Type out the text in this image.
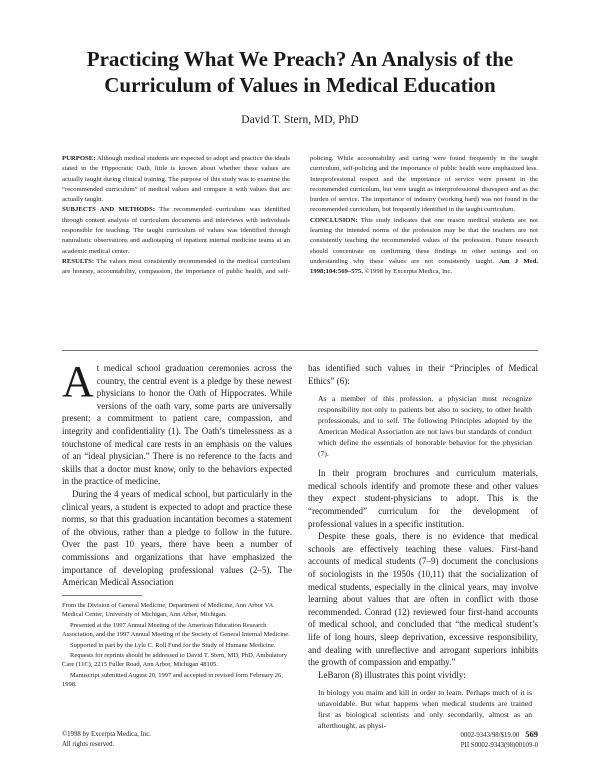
Practicing What We Preach? An Analysis of the Curriculum of Values in Medical Education

David T. Stern, MD, PhD

PURPOSE: Although medical students are expected to adopt and practice the ideals stated in the Hippocratic Oath, little is known about whether these values are actually taught during clinical training. The purpose of this study was to examine the “recommended curriculum” of medical values and compare it with values that are actually taught.

SUBJECTS AND METHODS: The recommended curriculum was identified through content analysis of curriculum documents and interviews with individuals responsible for teaching. The taught curriculum of values was identified through naturalistic observations and audiotaping of inpatient internal medicine teams at an academic medical center.

RESULTS: The values most consistently recommended in the medical curriculum are honesty, accountability, compassion, the importance of public health, and self-policing. While accountability and caring were found frequently in the taught curriculum, self-policing and the importance of public health were emphasized less. Interprofessional respect and the importance of service were present in the recommended curriculum, but were taught as interprofessional disrespect and as the burden of service. The importance of industry (working hard) was not found in the recommended curriculum, but frequently identified in the taught curriculum.

CONCLUSION: This study indicates that one reason medical students are not learning the intended norms of the profession may be that the teachers are not consistently teaching the recommended values of the profession. Future research should concentrate on confirming these findings in other settings and on understanding why these values are not consistently taught. Am J Med. 1998;104:569–575. ©1998 by Excerpta Medica, Inc.

At medical school graduation ceremonies across the country, the central event is a pledge by these newest physicians to honor the Oath of Hippocrates. While versions of the oath vary, some parts are universally present: a commitment to patient care, compassion, and integrity and confidentiality (1). The Oath’s timelessness as a touchstone of medical care rests in an emphasis on the values of an “ideal physician.” There is no reference to the facts and skills that a doctor must know, only to the behaviors expected in the practice of medicine.

During the 4 years of medical school, but particularly in the clinical years, a student is expected to adopt and practice these norms, so that this graduation incantation becomes a statement of the obvious, rather than a pledge to follow in the future. Over the past 10 years, there have been a number of commissions and organizations that have emphasized the importance of developing professional values (2–5). The American Medical Association

has identified such values in their “Principles of Medical Ethics” (6):

As a member of this profession, a physician must recognize responsibility not only to patients but also to society, to other health professionals, and to self. The following Principles adopted by the American Medical Association are not laws but standards of conduct which define the essentials of honorable behavior for the physician (7).

In their program brochures and curriculum materials, medical schools identify and promote these and other values they expect student-physicians to adopt. This is the “recommended” curriculum for the development of professional values in a specific institution.

Despite these goals, there is no evidence that medical schools are effectively teaching these values. First-hand accounts of medical students (7–9) document the conclusions of sociologists in the 1950s (10,11) that the socialization of medical students, especially in the clinical years, may involve learning about values that are often in conflict with those recommended. Conrad (12) reviewed four first-hand accounts of medical school, and concluded that “the medical student’s life of long hours, sleep deprivation, excessive responsibility, and dealing with unreflective and arrogant superiors inhibits the growth of compassion and empathy.”

LeBaron (8) illustrates this point vividly:

In biology you maim and kill in order to learn. Perhaps much of it is unavoidable. But what happens when medical students are trained first as biological scientists and only secondarily, almost as an afterthought, as physi-

From the Division of General Medicine, Department of Medicine, Ann Arbor VA Medical Center, University of Michigan, Ann Arbor, Michigan.

Presented at the 1997 Annual Meeting of the American Education Research Association, and the 1997 Annual Meeting of the Society of General Internal Medicine.

Supported in part by the Lyle C. Roll Fund for the Study of Humane Medicine.

Requests for reprints should be addressed to David T. Stern, MD, PhD, Ambulatory Care (11C), 2215 Fuller Road, Ann Arbor, Michigan 48105.

Manuscript submitted August 20, 1997 and accepted in revised form February 26, 1998.

©1998 by Excerpta Medica, Inc.
All rights reserved.
0002-9343/98/$19.00 569
PII S0002-9343(98)00109-0
